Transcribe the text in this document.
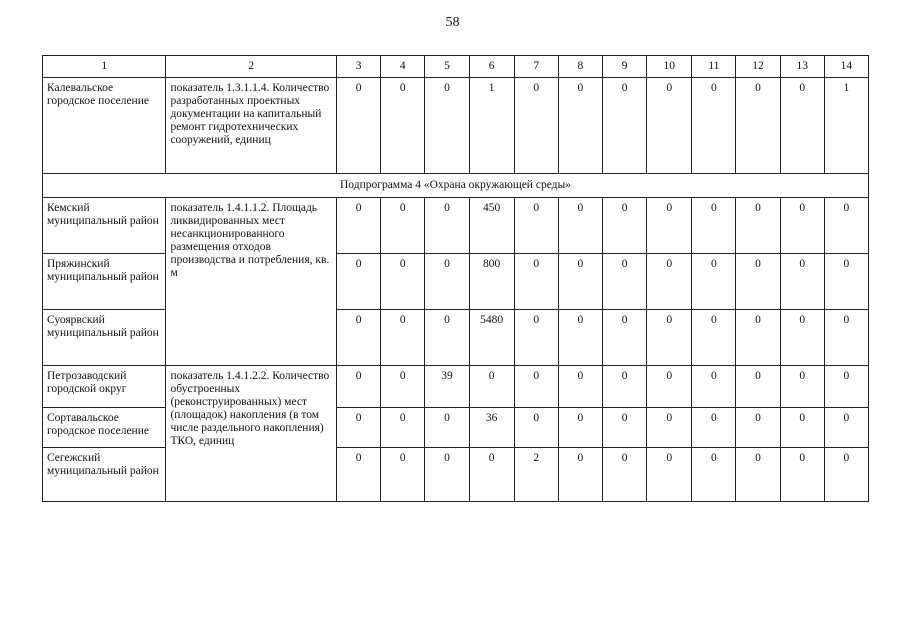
58
1	2	3	4	5	6	7	8	9	10	11	12	13	14
Калевальское городское поселение	показатель 1.3.1.1.4. Количество разработанных проектных документации на капитальный ремонт гидротехнических сооружений, единиц	0	0	0	1	0	0	0	0	0	0	0	1
Подпрограмма 4 «Охрана окружающей среды»													
Кемский муниципальный район	показатель 1.4.1.1.2. Площадь ликвидированных мест несанкционированного размещения отходов производства и потребления, кв. м	0	0	0	450	0	0	0	0	0	0	0	0
Пряжинский муниципальный район		0	0	0	800	0	0	0	0	0	0	0	0
Суоярвский муниципальный район		0	0	0	5480	0	0	0	0	0	0	0	0
Петрозаводский городской округ	показатель 1.4.1.2.2. Количество обустроенных (реконструированных) мест (площадок) накопления (в том числе раздельного накопления) ТКО, единиц	0	0	39	0	0	0	0	0	0	0	0	0
Сортавальское городское поселение		0	0	0	36	0	0	0	0	0	0	0	0
Сегежский муниципальный район		0	0	0	0	2	0	0	0	0	0	0	0
